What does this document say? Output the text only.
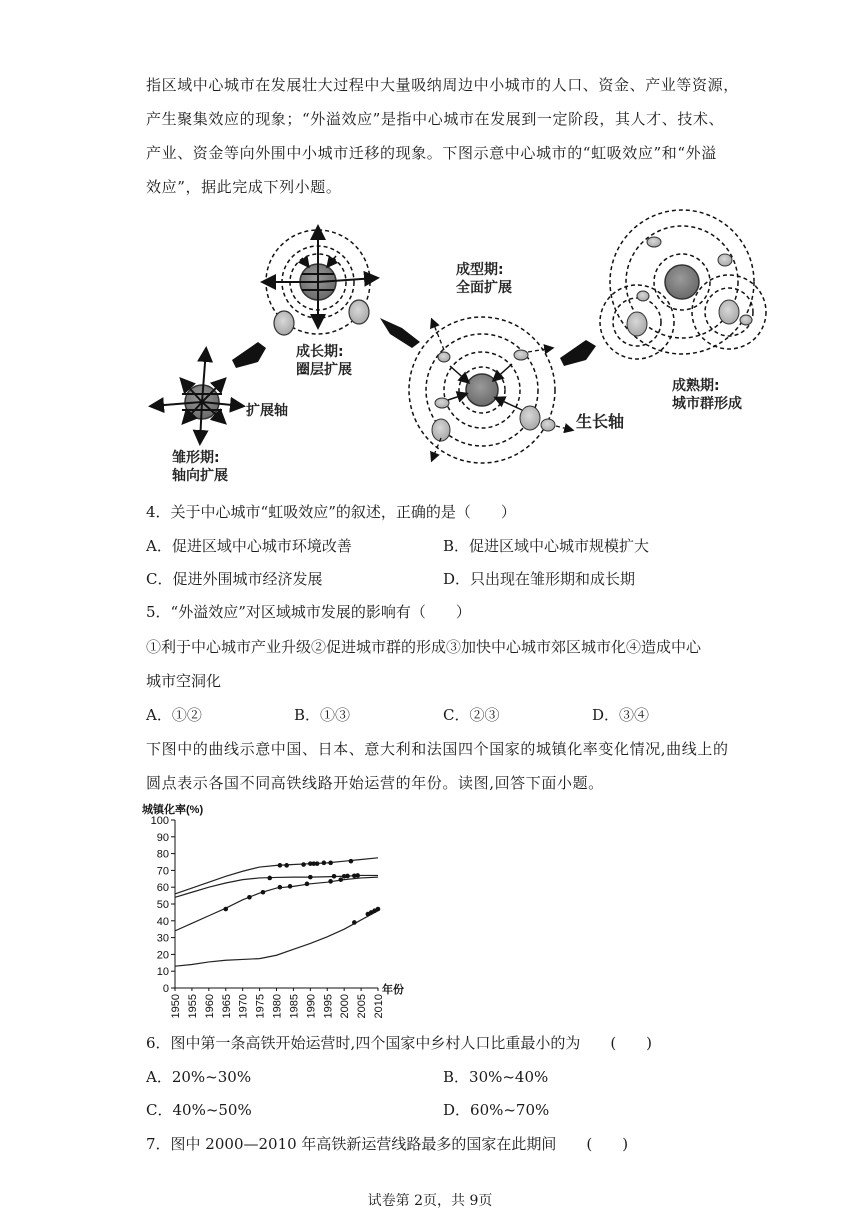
指区域中心城市在发展壮大过程中大量吸纳周边中小城市的人口、资金、产业等资源，
产生聚集效应的现象；“外溢效应”是指中心城市在发展到一定阶段，其人才、技术、
产业、资金等向外围中小城市迁移的现象。下图示意中心城市的“虹吸效应”和“外溢
效应”，据此完成下列小题。
扩展轴
雏形期:
轴向扩展
成长期:
圈层扩展
成型期:
全面扩展
生长轴
成熟期:
城市群形成
4．关于中心城市“虹吸效应”的叙述，正确的是（　　）
A．促进区域中心城市环境改善	B．促进区域中心城市规模扩大
C．促进外围城市经济发展	D．只出现在雏形期和成长期
5．“外溢效应”对区域城市发展的影响有（　　）
①利于中心城市产业升级②促进城市群的形成③加快中心城市郊区城市化④造成中心
城市空洞化
A．①②	B．①③	C．②③	D．③④
下图中的曲线示意中国、日本、意大利和法国四个国家的城镇化率变化情况,曲线上的
圆点表示各国不同高铁线路开始运营的年份。读图,回答下面小题。
城镇化率(%)
0
10
20
30
40
50
60
70
80
90
100
1950 1955 1960 1965 1970 1975 1980 1985 1990 1995 2000 2005 2010
年份
6．图中第一条高铁开始运营时,四个国家中乡村人口比重最小的为　　(　　)
A．20%~30%	B．30%~40%
C．40%~50%	D．60%~70%
7．图中 2000—2010 年高铁新运营线路最多的国家在此期间　　(　　)
试卷第 2页，共 9页
